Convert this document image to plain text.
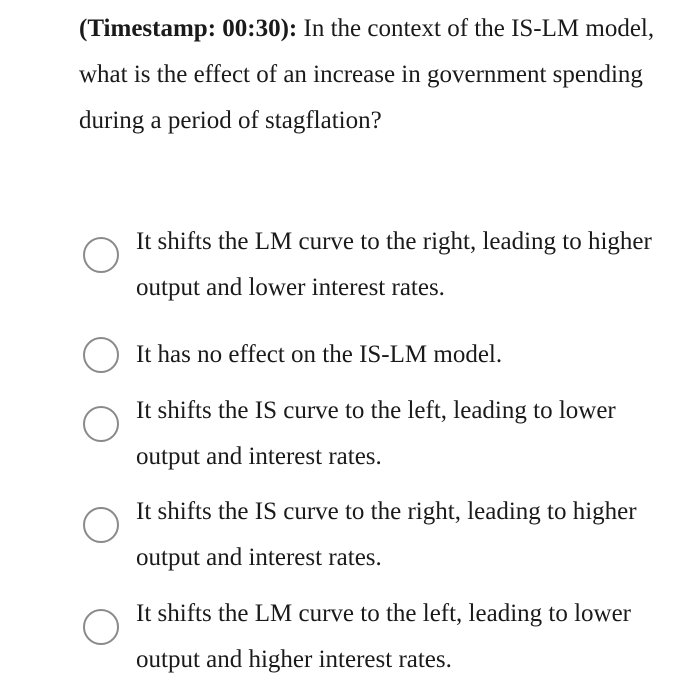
(Timestamp: 00:30): In the context of the IS-LM model, what is the effect of an increase in government spending during a period of stagflation?
It shifts the LM curve to the right, leading to higher output and lower interest rates.
It has no effect on the IS-LM model.
It shifts the IS curve to the left, leading to lower output and interest rates.
It shifts the IS curve to the right, leading to higher output and interest rates.
It shifts the LM curve to the left, leading to lower output and higher interest rates.
